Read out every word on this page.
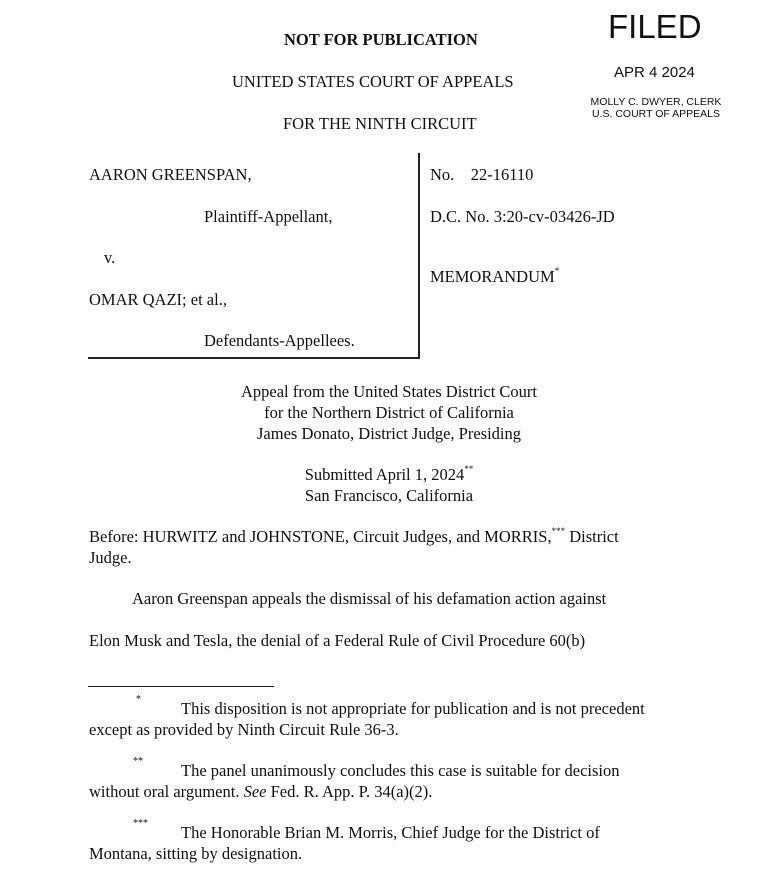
FILED
APR 4 2024
MOLLY C. DWYER, CLERK
U.S. COURT OF APPEALS
NOT FOR PUBLICATION
UNITED STATES COURT OF APPEALS
FOR THE NINTH CIRCUIT
AARON GREENSPAN,
Plaintiff-Appellant,
v.
OMAR QAZI; et al.,
Defendants-Appellees.
No. 22-16110
D.C. No. 3:20-cv-03426-JD
MEMORANDUM*
Appeal from the United States District Court
for the Northern District of California
James Donato, District Judge, Presiding
Submitted April 1, 2024**
San Francisco, California
Before: HURWITZ and JOHNSTONE, Circuit Judges, and MORRIS,*** District
Judge.
Aaron Greenspan appeals the dismissal of his defamation action against
Elon Musk and Tesla, the denial of a Federal Rule of Civil Procedure 60(b)
* This disposition is not appropriate for publication and is not precedent
except as provided by Ninth Circuit Rule 36-3.
** The panel unanimously concludes this case is suitable for decision
without oral argument. See Fed. R. App. P. 34(a)(2).
*** The Honorable Brian M. Morris, Chief Judge for the District of
Montana, sitting by designation.
